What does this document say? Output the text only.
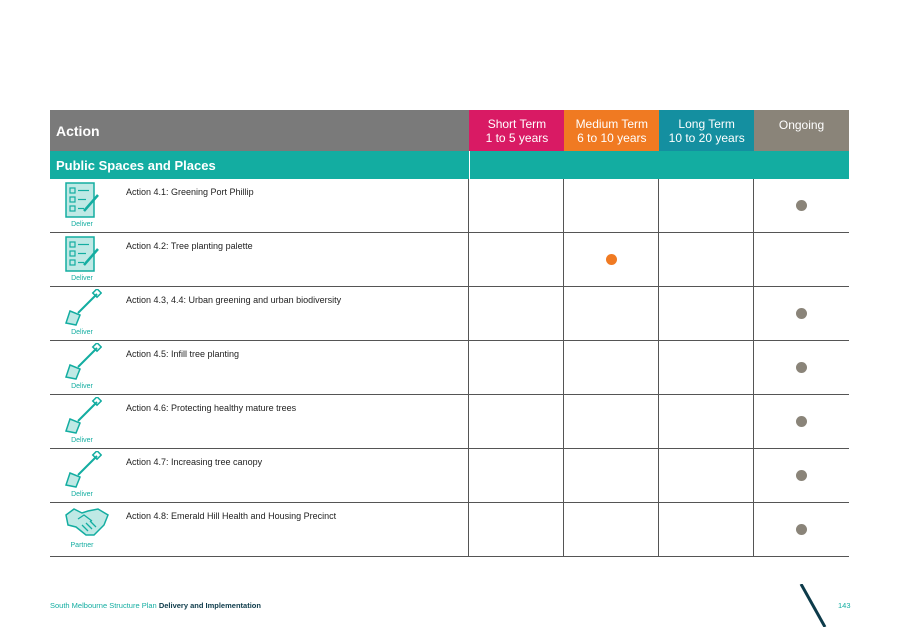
Action	Short Term
1 to 5 years
Medium Term
6 to 10 years
Long Term
10 to 20 years
Ongoing
Public Spaces and Places
Deliver
Action 4.1: Greening Port Phillip
Deliver
Action 4.2: Tree planting palette
Deliver
Action 4.3, 4.4: Urban greening and urban biodiversity
Deliver
Action 4.5: Infill tree planting
Deliver
Action 4.6: Protecting healthy mature trees
Deliver
Action 4.7: Increasing tree canopy
Partner
Action 4.8: Emerald Hill Health and Housing Precinct
South Melbourne Structure Plan Delivery and Implementation	143
